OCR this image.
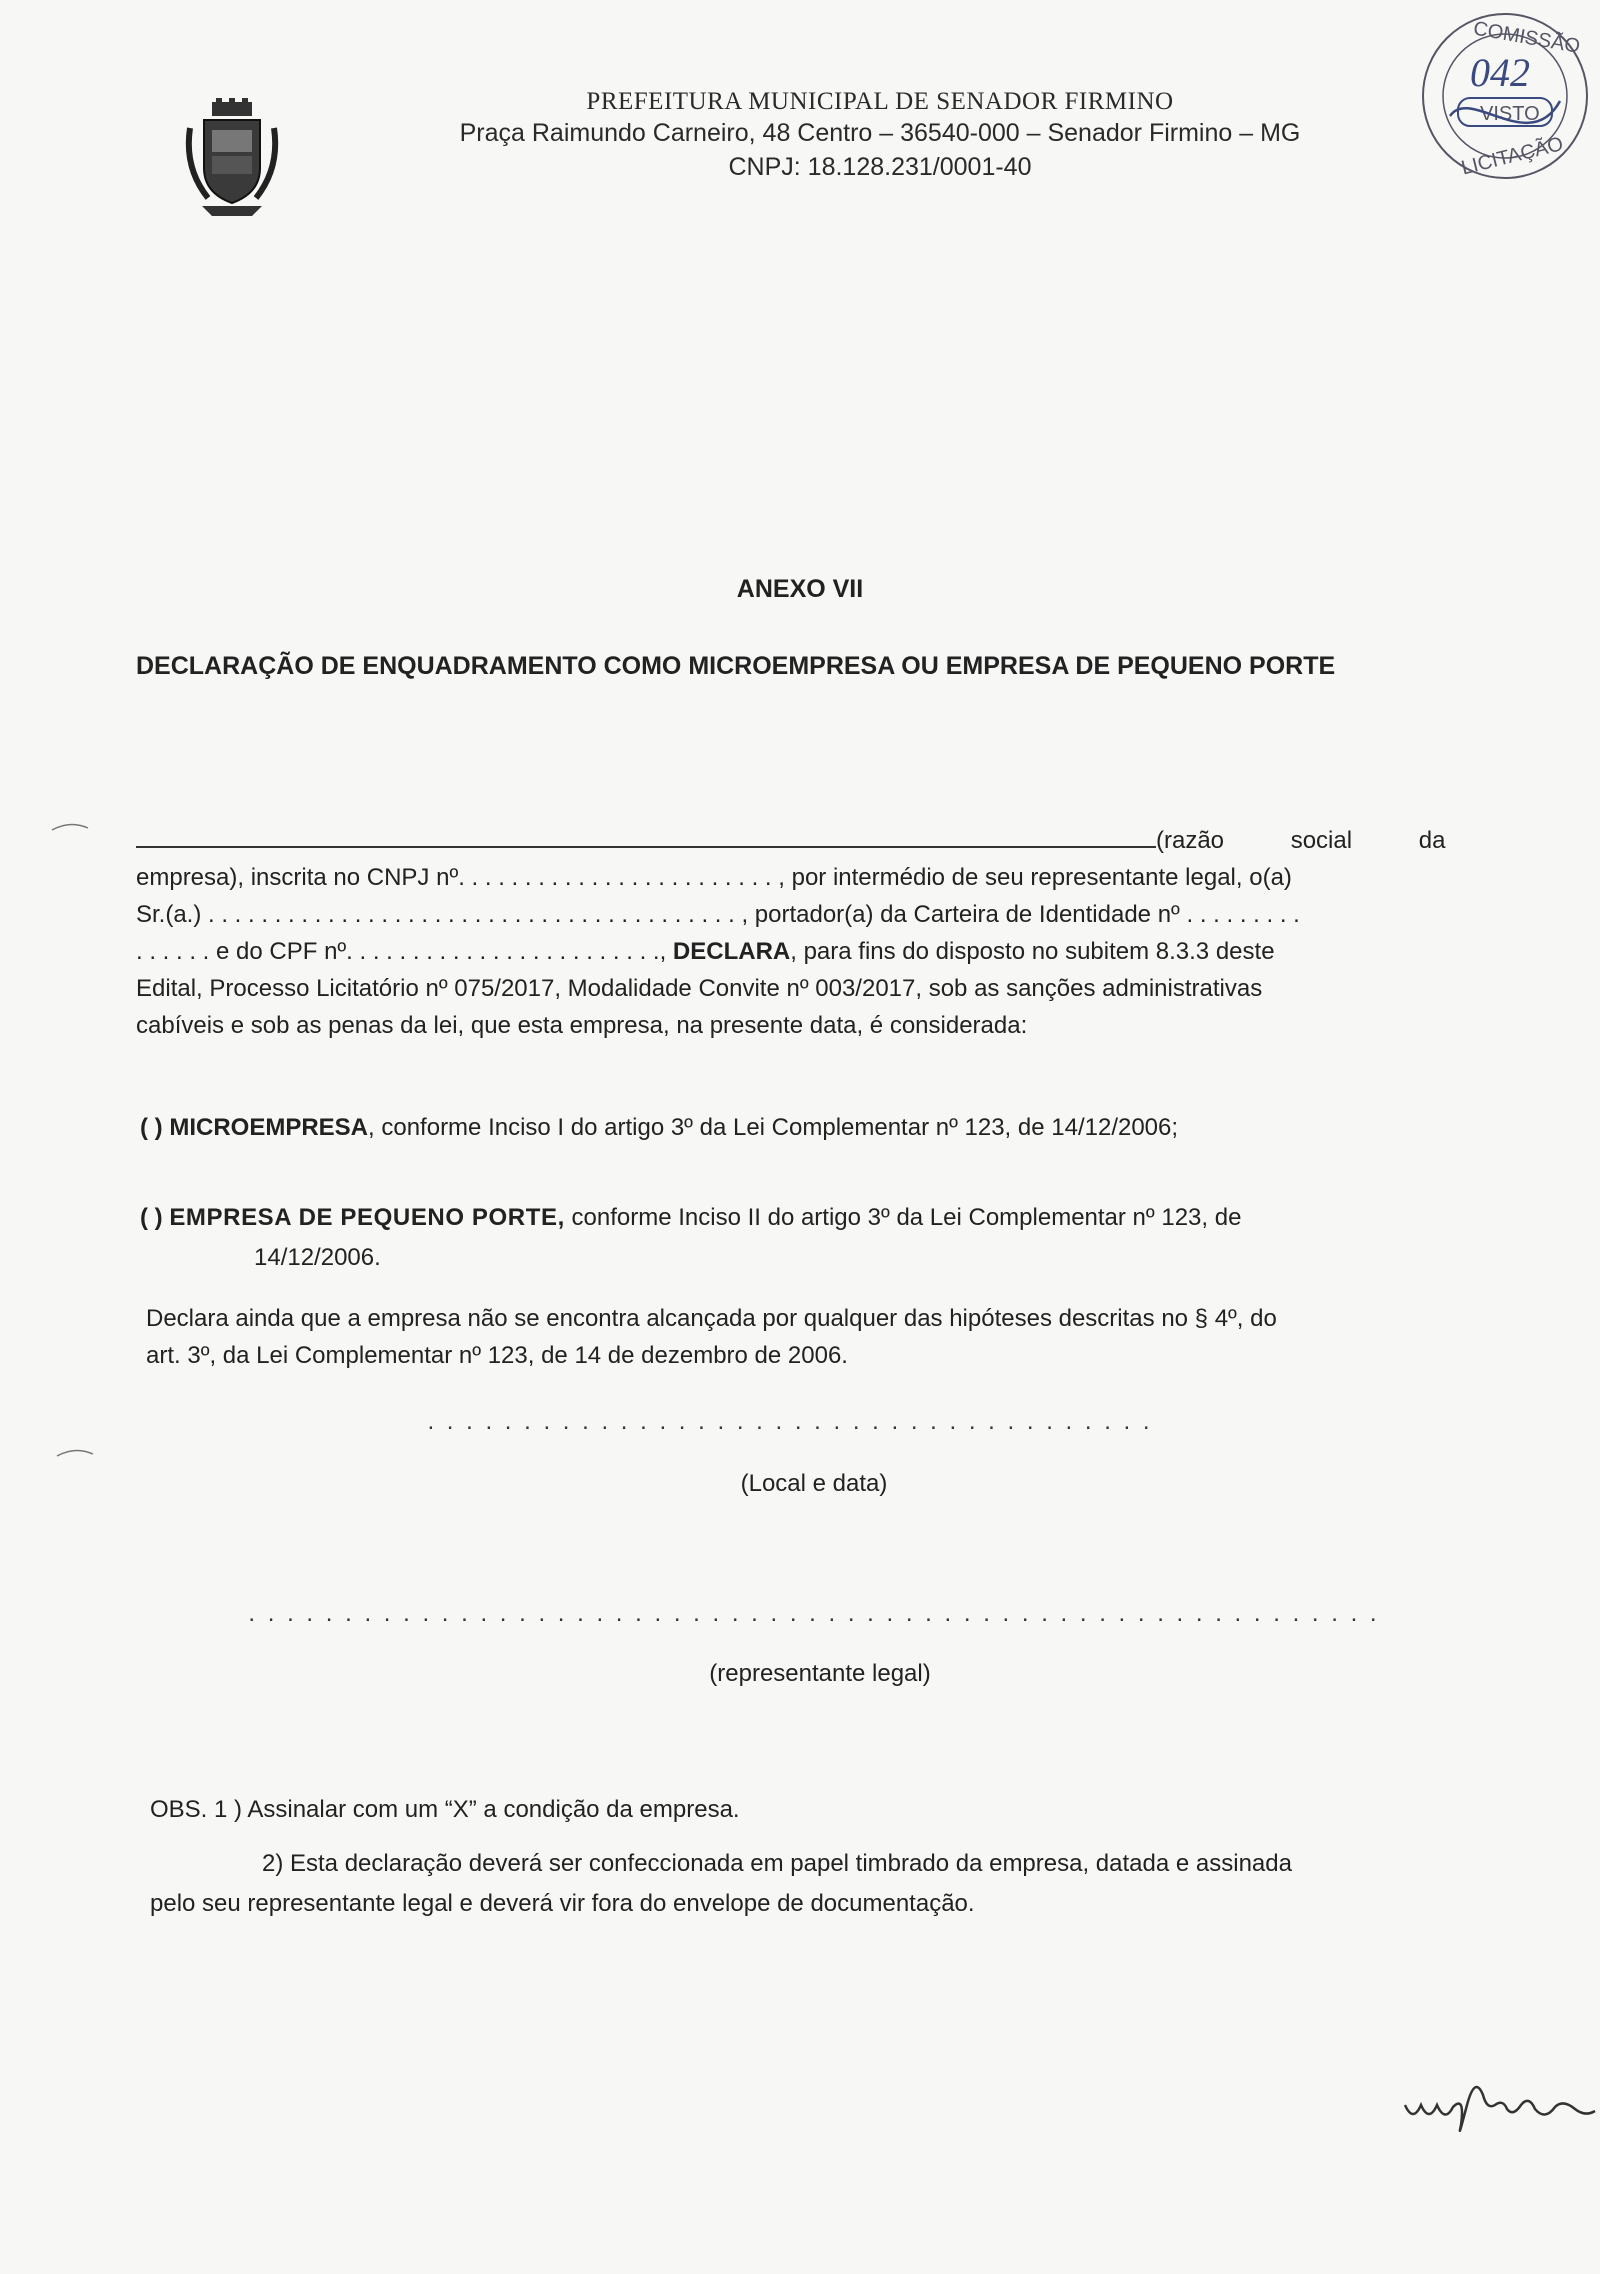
PREFEITURA MUNICIPAL DE SENADOR FIRMINO
Praça Raimundo Carneiro, 48 Centro – 36540-000 – Senador Firmino – MG
CNPJ: 18.128.231/0001-40
COMISSÃO
042
VISTO
LICITAÇÃO
ANEXO VII
DECLARAÇÃO DE ENQUADRAMENTO COMO MICROEMPRESA OU EMPRESA DE PEQUENO PORTE
(razão          social          da
empresa), inscrita no CNPJ nº. . . . . . . . . . . . . . . . . . . . . . . . , por intermédio de seu representante legal, o(a)
Sr.(a.) . . . . . . . . . . . . . . . . . . . . . . . . . . . . . . . . . . . . . . . . , portador(a) da Carteira de Identidade nº . . . . . . . . .
. . . . . . e do CPF nº. . . . . . . . . . . . . . . . . . . . . . . ., DECLARA, para fins do disposto no subitem 8.3.3 deste
Edital, Processo Licitatório nº 075/2017, Modalidade Convite nº 003/2017, sob as sanções administrativas
cabíveis e sob as penas da lei, que esta empresa, na presente data, é considerada:
( ) MICROEMPRESA, conforme Inciso I do artigo 3º da Lei Complementar nº 123, de 14/12/2006;
( ) EMPRESA DE PEQUENO PORTE, conforme Inciso II do artigo 3º da Lei Complementar nº 123, de
14/12/2006.
Declara ainda que a empresa não se encontra alcançada por qualquer das hipóteses descritas no § 4º, do
art. 3º, da Lei Complementar nº 123, de 14 de dezembro de 2006.
. . . . . . . . . . . . . . . . . . . . . . . . . . . . . . . . . . . . . .
(Local e data)
. . . . . . . . . . . . . . . . . . . . . . . . . . . . . . . . . . . . . . . . . . . . . . . . . . . . . . . . . . .
(representante legal)
OBS. 1 ) Assinalar com um “X” a condição da empresa.
2) Esta declaração deverá ser confeccionada em papel timbrado da empresa, datada e assinada
pelo seu representante legal e deverá vir fora do envelope de documentação.
